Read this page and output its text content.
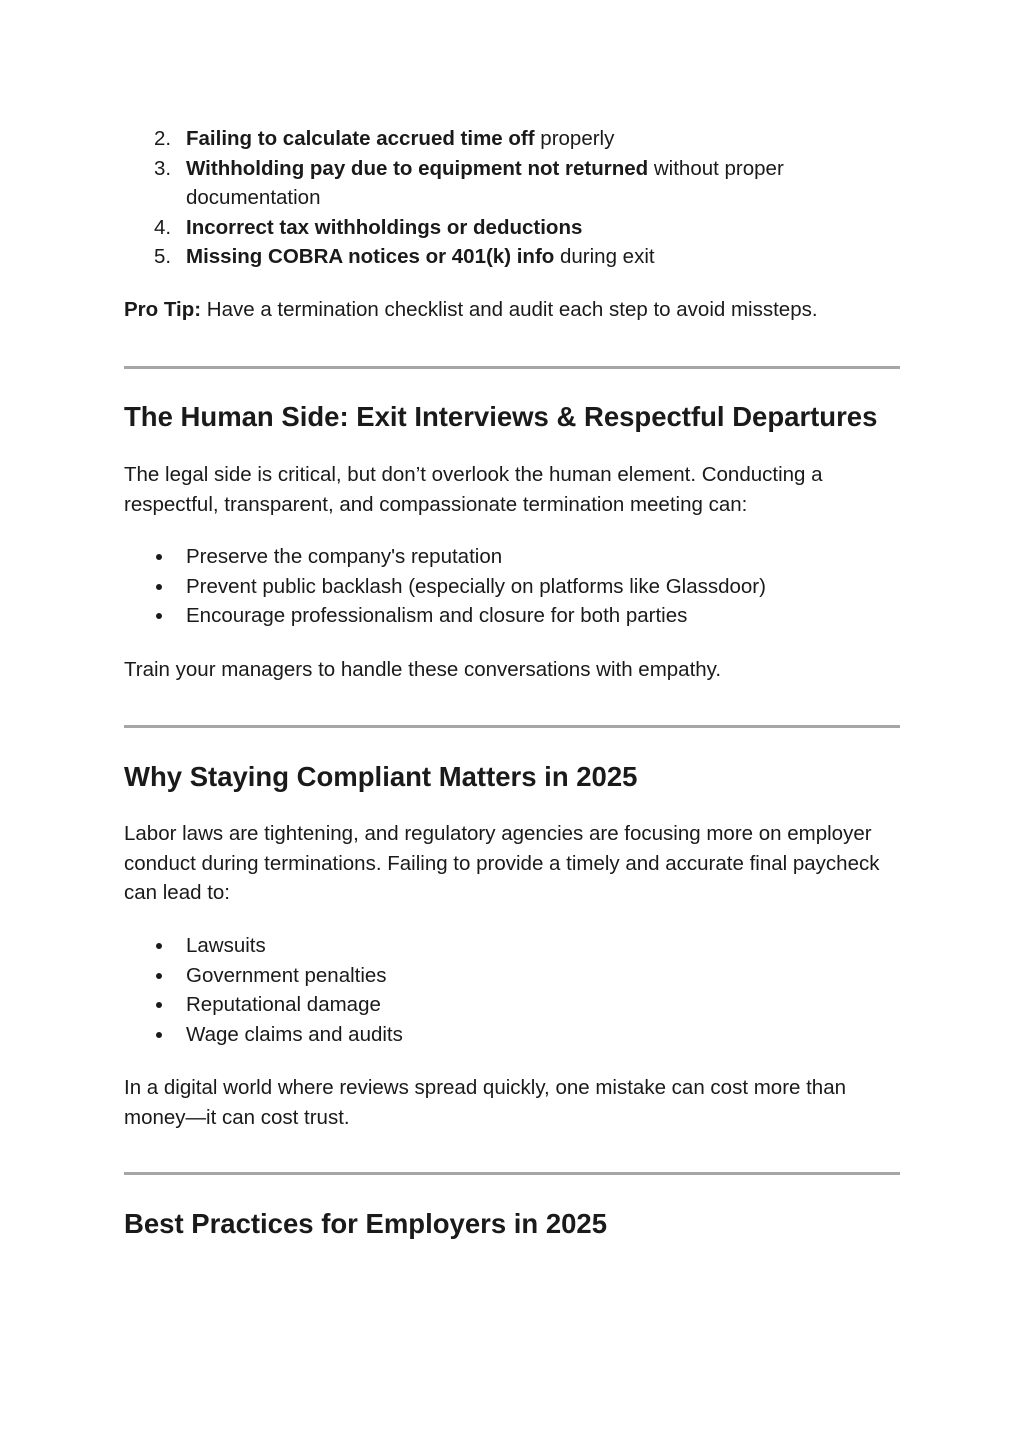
2. Failing to calculate accrued time off properly
3. Withholding pay due to equipment not returned without proper documentation
4. Incorrect tax withholdings or deductions
5. Missing COBRA notices or 401(k) info during exit

Pro Tip: Have a termination checklist and audit each step to avoid missteps.

The Human Side: Exit Interviews & Respectful Departures

The legal side is critical, but don’t overlook the human element. Conducting a respectful, transparent, and compassionate termination meeting can:

Preserve the company's reputation
Prevent public backlash (especially on platforms like Glassdoor)
Encourage professionalism and closure for both parties

Train your managers to handle these conversations with empathy.

Why Staying Compliant Matters in 2025

Labor laws are tightening, and regulatory agencies are focusing more on employer conduct during terminations. Failing to provide a timely and accurate final paycheck can lead to:

Lawsuits
Government penalties
Reputational damage
Wage claims and audits

In a digital world where reviews spread quickly, one mistake can cost more than money—it can cost trust.

Best Practices for Employers in 2025
